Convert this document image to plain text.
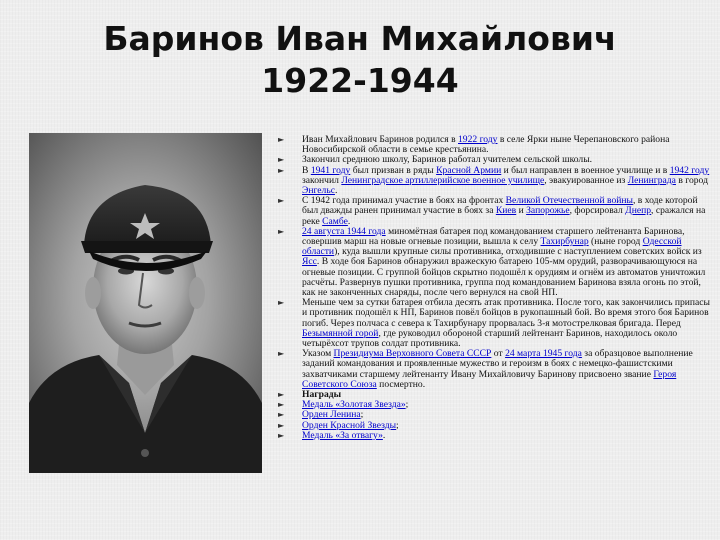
Баринов Иван Михайлович
1922-1944
► Иван Михайлович Баринов родился в 1922 году в селе Ярки ныне Черепановского района Новосибирской области в семье крестьянина.
► Закончил среднюю школу, Баринов работал учителем сельской школы.
► В 1941 году был призван в ряды Красной Армии и был направлен в военное училище и в 1942 году закончил Ленинградское артиллерийское военное училище, эвакуированное из Ленинграда в город Энгельс.
► С 1942 года принимал участие в боях на фронтах Великой Отечественной войны, в ходе которой был дважды ранен принимал участие в боях за Киев и Запорожье, форсировал Днепр, сражался на реке Самбе.
► 24 августа 1944 года миномётная батарея под командованием старшего лейтенанта Баринова, совершив марш на новые огневые позиции, вышла к селу Тахирбунар (ныне город Одесской области), куда вышли крупные силы противника, отходившие с наступлением советских войск из Ясс. В ходе боя Баринов обнаружил вражескую батарею 105-мм орудий, разворачивающуюся на огневые позиции. С группой бойцов скрытно подошёл к орудиям и огнём из автоматов уничтожил расчёты. Развернув пушки противника, группа под командованием Баринова взяла огонь по этой, как не законченных снаряды, после чего вернулся на свой НП.
► Меньше чем за сутки батарея отбила десять атак противника. После того, как закончились припасы и противник подошёл к НП, Баринов повёл бойцов в рукопашный бой. Во время этого боя Баринов погиб. Через полчаса с севера к Тахирбунару прорвалась 3-я мотострелковая бригада. Перед Безымянной горой, где руководил обороной старший лейтенант Баринов, находилось около четырёхсот трупов солдат противника.
► Указом Президиума Верховного Совета СССР от 24 марта 1945 года за образцовое выполнение заданий командования и проявленные мужество и героизм в боях с немецко-фашистскими захватчиками старшему лейтенанту Ивану Михайловичу Баринову присвоено звание Героя Советского Союза посмертно.
► Награды
► Медаль «Золотая Звезда»;
► Орден Ленина;
► Орден Красной Звезды;
► Медаль «За отвагу».
